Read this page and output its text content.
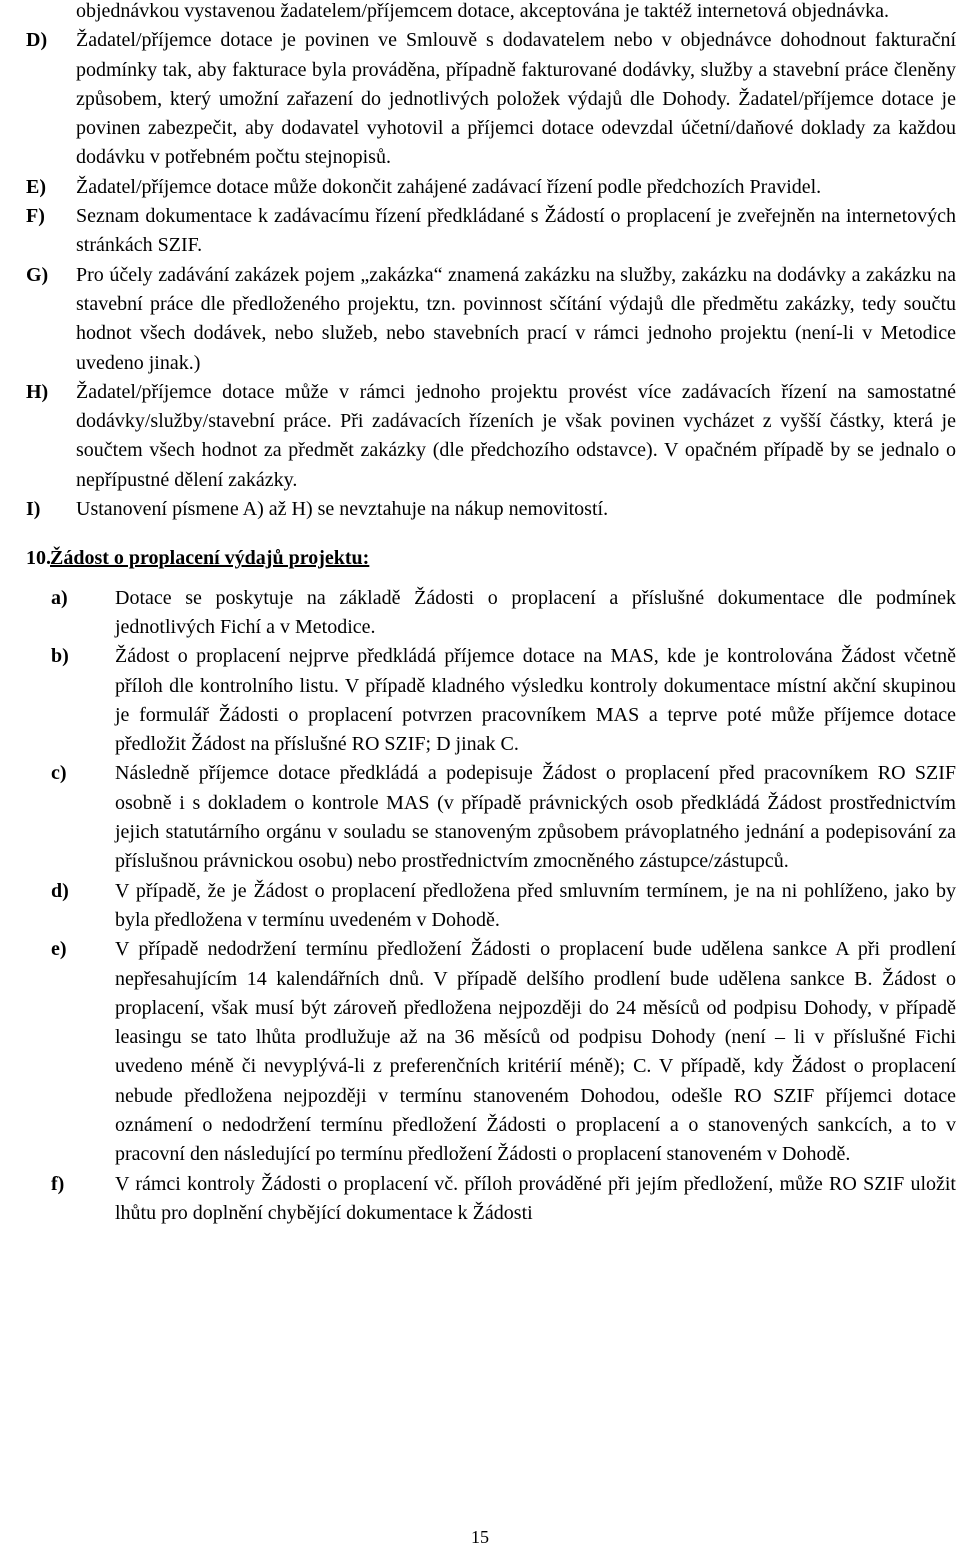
objednávkou vystavenou žadatelem/příjemcem dotace, akceptována je taktéž internetová objednávka.
D)	Žadatel/příjemce dotace je povinen ve Smlouvě s dodavatelem nebo v objednávce dohodnout fakturační podmínky tak, aby fakturace byla prováděna, případně fakturované dodávky, služby a stavební práce členěny způsobem, který umožní zařazení do jednotlivých položek výdajů dle Dohody. Žadatel/příjemce dotace je povinen zabezpečit, aby dodavatel vyhotovil a příjemci dotace odevzdal účetní/daňové doklady za každou dodávku v potřebném počtu stejnopisů.
E)	Žadatel/příjemce dotace může dokončit zahájené zadávací řízení podle předchozích Pravidel.
F)	Seznam dokumentace k zadávacímu řízení předkládané s Žádostí o proplacení je zveřejněn na internetových stránkách SZIF.
G)	Pro účely zadávání zakázek pojem „zakázka“ znamená zakázku na služby, zakázku na dodávky a zakázku na stavební práce dle předloženého projektu, tzn. povinnost sčítání výdajů dle předmětu zakázky, tedy součtu hodnot všech dodávek, nebo služeb, nebo stavebních prací v rámci jednoho projektu (není-li v Metodice uvedeno jinak.)
H)	Žadatel/příjemce dotace může v rámci jednoho projektu provést více zadávacích řízení na samostatné dodávky/služby/stavební práce. Při zadávacích řízeních je však povinen vycházet z vyšší částky, která je součtem všech hodnot za předmět zakázky (dle předchozího odstavce). V opačném případě by se jednalo o nepřípustné dělení zakázky.
I)	Ustanovení písmene A) až H) se nevztahuje na nákup nemovitostí.
10. Žádost o proplacení výdajů projektu:
a)	Dotace se poskytuje na základě Žádosti o proplacení a příslušné dokumentace dle podmínek jednotlivých Fichí a v Metodice.
b)	Žádost o proplacení nejprve předkládá příjemce dotace na MAS, kde je kontrolována Žádost včetně příloh dle kontrolního listu. V případě kladného výsledku kontroly dokumentace místní akční skupinou je formulář Žádosti o proplacení potvrzen pracovníkem MAS a teprve poté může příjemce dotace předložit Žádost na příslušné RO SZIF; D jinak C.
c)	Následně příjemce dotace předkládá a podepisuje Žádost o proplacení před pracovníkem RO SZIF osobně i s dokladem o kontrole MAS (v případě právnických osob předkládá Žádost prostřednictvím jejich statutárního orgánu v souladu se stanoveným způsobem právoplatného jednání a podepisování za příslušnou právnickou osobu) nebo prostřednictvím zmocněného zástupce/zástupců.
d)	V případě, že je Žádost o proplacení předložena před smluvním termínem, je na ni pohlíženo, jako by byla předložena v termínu uvedeném v Dohodě.
e)	V případě nedodržení termínu předložení Žádosti o proplacení bude udělena sankce A při prodlení nepřesahujícím 14 kalendářních dnů. V případě delšího prodlení bude udělena sankce B. Žádost o proplacení, však musí být zároveň předložena nejpozději do 24 měsíců od podpisu Dohody, v případě leasingu se tato lhůta prodlužuje až na 36 měsíců od podpisu Dohody (není – li v příslušné Fichi uvedeno méně či nevyplývá-li z preferenčních kritérií méně); C. V případě, kdy Žádost o proplacení nebude předložena nejpozději v termínu stanoveném Dohodou, odešle RO SZIF příjemci dotace oznámení o nedodržení termínu předložení Žádosti o proplacení a o stanovených sankcích, a to v pracovní den následující po termínu předložení Žádosti o proplacení stanoveném v Dohodě.
f)	V rámci kontroly Žádosti o proplacení vč. příloh prováděné při jejím předložení, může RO SZIF uložit lhůtu pro doplnění chybějící dokumentace k Žádosti
15
